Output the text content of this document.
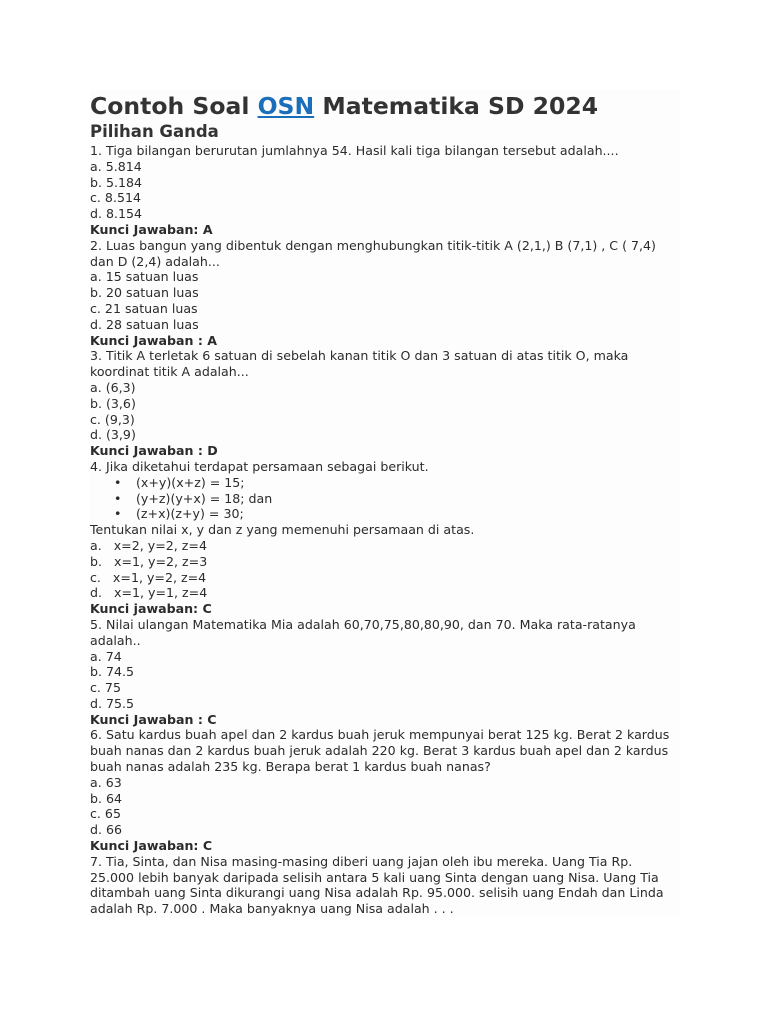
Contoh Soal OSN Matematika SD 2024
Pilihan Ganda

1. Tiga bilangan berurutan jumlahnya 54. Hasil kali tiga bilangan tersebut adalah....

a. 5.814

b. 5.184

c. 8.514

d. 8.154

Kunci Jawaban: A

2. Luas bangun yang dibentuk dengan menghubungkan titik-titik A (2,1,) B (7,1) , C ( 7,4) dan D (2,4) adalah...

a. 15 satuan luas

b. 20 satuan luas

c. 21 satuan luas

d. 28 satuan luas

Kunci Jawaban : A

3. Titik A terletak 6 satuan di sebelah kanan titik O dan 3 satuan di atas titik O, maka koordinat titik A adalah...

a. (6,3)

b. (3,6)

c. (9,3)

d. (3,9)

Kunci Jawaban : D

4. Jika diketahui terdapat persamaan sebagai berikut.

• (x+y)(x+z) = 15;
• (y+z)(y+x) = 18; dan
• (z+x)(z+y) = 30;

Tentukan nilai x, y dan z yang memenuhi persamaan di atas.

a.   x=2, y=2, z=4

b.   x=1, y=2, z=3

c.   x=1, y=2, z=4

d.   x=1, y=1, z=4

Kunci jawaban: C

5. Nilai ulangan Matematika Mia adalah 60,70,75,80,80,90, dan 70. Maka rata-ratanya adalah..

a. 74

b. 74.5

c. 75

d. 75.5

Kunci Jawaban : C

6. Satu kardus buah apel dan 2 kardus buah jeruk mempunyai berat 125 kg. Berat 2 kardus buah nanas dan 2 kardus buah jeruk adalah 220 kg. Berat 3 kardus buah apel dan 2 kardus buah nanas adalah 235 kg. Berapa berat 1 kardus buah nanas?

a. 63

b. 64

c. 65

d. 66

Kunci Jawaban: C

7. Tia, Sinta, dan Nisa masing-masing diberi uang jajan oleh ibu mereka. Uang Tia Rp. 25.000 lebih banyak daripada selisih antara 5 kali uang Sinta dengan uang Nisa. Uang Tia ditambah uang Sinta dikurangi uang Nisa adalah Rp. 95.000. selisih uang Endah dan Linda adalah Rp. 7.000 . Maka banyaknya uang Nisa adalah . . .
